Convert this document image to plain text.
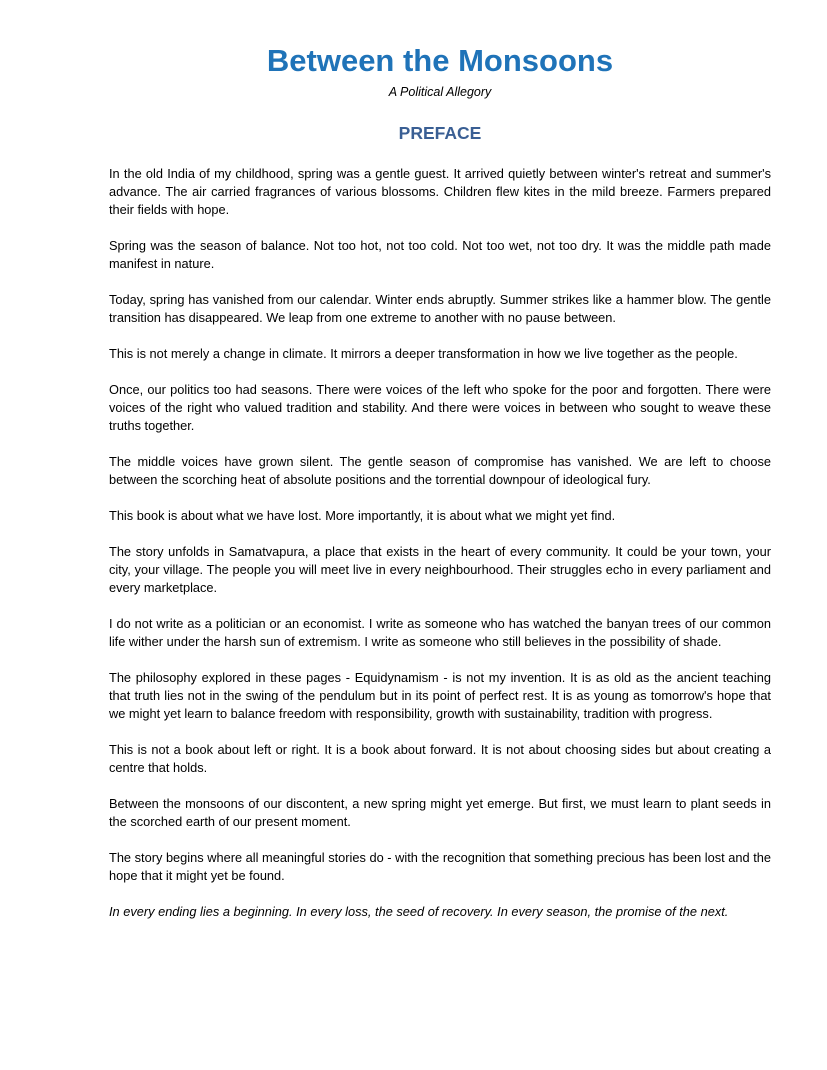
Between the Monsoons

A Political Allegory

PREFACE

In the old India of my childhood, spring was a gentle guest. It arrived quietly between winter's retreat and summer's advance. The air carried fragrances of various blossoms. Children flew kites in the mild breeze. Farmers prepared their fields with hope.

Spring was the season of balance. Not too hot, not too cold. Not too wet, not too dry. It was the middle path made manifest in nature.

Today, spring has vanished from our calendar. Winter ends abruptly. Summer strikes like a hammer blow. The gentle transition has disappeared. We leap from one extreme to another with no pause between.

This is not merely a change in climate. It mirrors a deeper transformation in how we live together as the people.

Once, our politics too had seasons. There were voices of the left who spoke for the poor and forgotten. There were voices of the right who valued tradition and stability. And there were voices in between who sought to weave these truths together.

The middle voices have grown silent. The gentle season of compromise has vanished. We are left to choose between the scorching heat of absolute positions and the torrential downpour of ideological fury.

This book is about what we have lost. More importantly, it is about what we might yet find.

The story unfolds in Samatvapura, a place that exists in the heart of every community. It could be your town, your city, your village. The people you will meet live in every neighbourhood. Their struggles echo in every parliament and every marketplace.

I do not write as a politician or an economist. I write as someone who has watched the banyan trees of our common life wither under the harsh sun of extremism. I write as someone who still believes in the possibility of shade.

The philosophy explored in these pages - Equidynamism - is not my invention. It is as old as the ancient teaching that truth lies not in the swing of the pendulum but in its point of perfect rest. It is as young as tomorrow's hope that we might yet learn to balance freedom with responsibility, growth with sustainability, tradition with progress.

This is not a book about left or right. It is a book about forward. It is not about choosing sides but about creating a centre that holds.

Between the monsoons of our discontent, a new spring might yet emerge. But first, we must learn to plant seeds in the scorched earth of our present moment.

The story begins where all meaningful stories do - with the recognition that something precious has been lost and the hope that it might yet be found.

In every ending lies a beginning. In every loss, the seed of recovery. In every season, the promise of the next.
